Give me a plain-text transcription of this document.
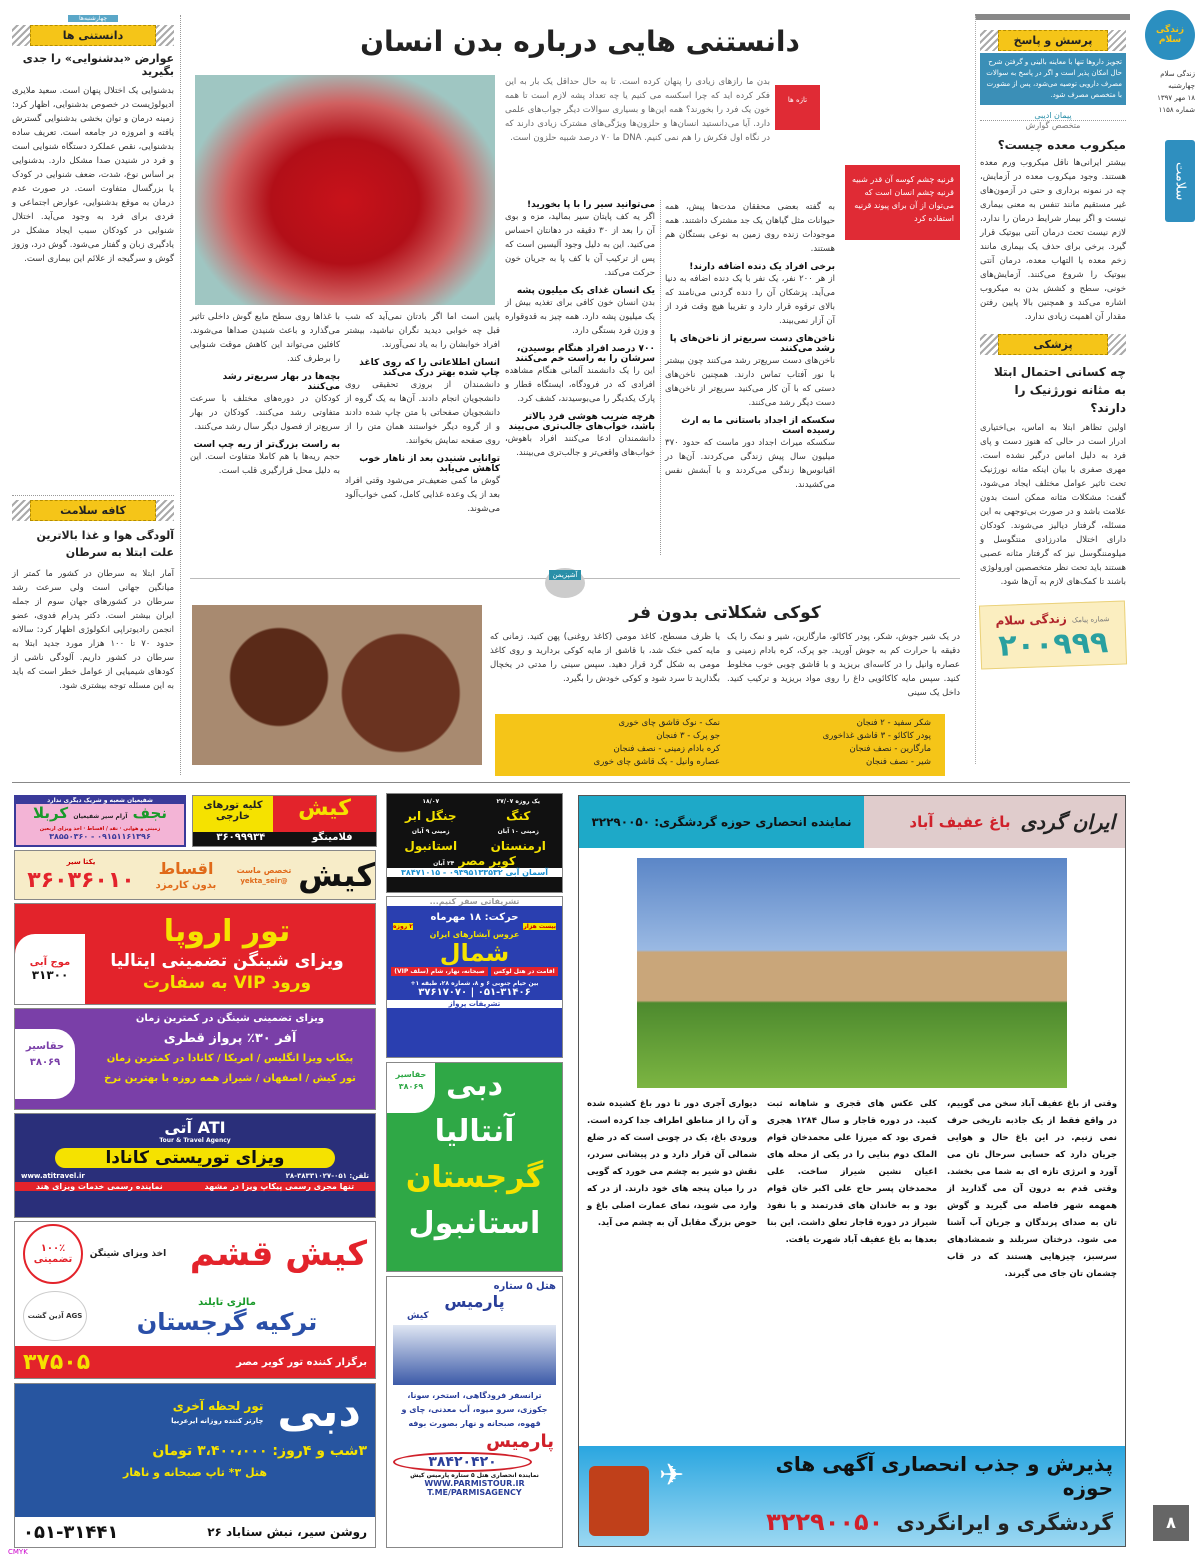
زندگی سلام
زندگی سلام
چهارشنبه
۱۸ مهر ۱۳۹۷
شماره ۱۱۵۸
سلامت
۸
CMYK
پرسش و پاسخ
تجویز داروها تنها با معاینه بالینی و گرفتن شرح حال امکان پذیر است و اگر در پاسخ به سوالات مصرف دارویی توصیه می‌شود، پس از مشورت با متخصص مصرف شود.
پیمان ادیبی
متخصص گوارش
میکروب معده چیست؟
بیشتر ایرانی‌ها ناقل میکروب ورم معده هستند. وجود میکروب معده در آزمایش، چه در نمونه برداری و حتی در آزمون‌های غیر مستقیم مانند تنفس به معنی بیماری نیست و اگر بیمار شرایط درمان را ندارد، لازم نیست تحت درمان آنتی بیوتیک قرار گیرد. برخی برای حذف یک بیماری مانند زخم معده یا التهاب معده، درمان آنتی بیوتیک را شروع می‌کنند. آزمایش‌های خونی، سطح و کشش بدن به میکروب اشاره می‌کند و همچنین بالا پایین رفتن مقدار آن اهمیت زیادی ندارد.
پزشکی
چه کسانی احتمال ابتلا به مثانه نورژنیک را دارند؟
اولین تظاهر ابتلا به اماس، بی‌اختیاری ادرار است در حالی که هنوز دست و پای فرد به دلیل اماس درگیر نشده است. مهری صفری با بیان اینکه مثانه نورژنیک تحت تاثیر عوامل مختلف ایجاد می‌شود، گفت: مشکلات مثانه ممکن است بدون علامت باشد و در صورت بی‌توجهی به این مسئله، گرفتار دیالیز می‌شوند. کودکان دارای اختلال مادرزادی منتگوسل و میلومننگوسل نیز که گرفتار مثانه عصبی هستند باید تحت نظر متخصصین اورولوژی باشند تا کمک‌های لازم به آن‌ها شود.
شماره پیامک زندگی سلام
۲۰۰۹۹۹
دانستنی هایی درباره بدن انسان
تازه ها
بدن ما رازهای زیادی را پنهان کرده است. تا به حال حداقل یک بار به این فکر کرده اید که چرا اسکسه می کنیم یا چه تعداد پشه لازم است تا همه خون یک فرد را بخورند؟ همه این‌ها و بسیاری سوالات دیگر جواب‌های علمی دارد. آیا می‌دانستید انسان‌ها و حلزون‌ها ویژگی‌های مشترک زیادی دارند که در نگاه اول فکرش را هم نمی کنیم. DNA ما ۷۰ درصد شبیه حلزون است.
قرنیه چشم کوسه آن قدر شبیه قرنیه چشم انسان است که می‌توان از آن برای پیوند قرنیه استفاده کرد
به گفته بعضی محققان مدت‌ها پیش، همه حیوانات مثل گیاهان یک جد مشترک داشتند. همه موجودات زنده روی زمین به نوعی بستگان هم هستند.
برخی افراد یک دنده اضافه دارند!
از هر ۲۰۰ نفر، یک نفر با یک دنده اضافه به دنیا می‌آید. پزشکان آن را دنده گردنی می‌نامند که بالای ترقوه قرار دارد و تقریبا هیچ وقت فرد از آن آزار نمی‌بیند.
ناخن‌های دست سریع‌تر از ناخن‌های پا رشد می‌کنند
ناخن‌های دست سریع‌تر رشد می‌کنند چون بیشتر با نور آفتاب تماس دارند. همچنین ناخن‌های دستی که با آن کار می‌کنید سریع‌تر از ناخن‌های دست دیگر رشد می‌کنند.
سکسکه از اجداد باستانی ما به ارث رسیده است
سکسکه میراث اجداد دور ماست که حدود ۳۷۰ میلیون سال پیش زندگی می‌کردند. آن‌ها در اقیانوس‌ها زندگی می‌کردند و با آبشش نفس می‌کشیدند.
می‌توانید سیر را با پا بخورید!
اگر یه کف پایتان سیر بمالید، مزه و بوی آن را بعد از ۳۰ دقیقه در دهانتان احساس می‌کنید. این به دلیل وجود آلیسین است که پس از ترکیب آن با کف پا به جریان خون حرکت می‌کند.
یک انسان غذای یک میلیون پشه
بدن انسان خون کافی برای تغذیه بیش از یک میلیون پشه دارد. همه چیز به قدوقواره و وزن فرد بستگی دارد.
۷۰۰ درصد افراد هنگام بوسیدن، سرشان را به راست خم می‌کنند
این را یک دانشمند آلمانی هنگام مشاهده افرادی که در فرودگاه، ایستگاه قطار و پارک یکدیگر را می‌بوسیدند، کشف کرد.
هرچه ضریب هوشی فرد بالاتر باشد، خواب‌های جالب‌تری می‌بیند
دانشمندان ادعا می‌کنند افراد باهوش، خواب‌های واقعی‌تر و جالب‌تری می‌بینند.
پایین است اما اگر بادتان نمی‌آید که شب قبل چه خوابی دیدید نگران نباشید، بیشتر افراد خوابشان را به یاد نمی‌آورند.
انسان اطلاعاتی را که روی کاغذ چاپ شده بهتر درک می‌کند
دانشمندان از بروزی تحقیقی روی دانشجویان انجام دادند. آن‌ها به یک گروه از دانشجویان صفحاتی با متن چاپ شده دادند و از گروه دیگر خواستند همان متن را از روی صفحه نمایش بخوانند.
توانایی شنیدن بعد از ناهار خوب کاهش می‌یابد
گوش ما کمی ضعیف‌تر می‌شود وقتی افراد بعد از یک وعده غذایی کامل، کمی خواب‌آلود می‌شوند.
با غذاها روی سطح مایع گوش داخلی تاثیر می‌گذارد و باعث شنیدن صداها می‌شوند. کافئین می‌تواند این کاهش موقت شنوایی را برطرف کند.
بچه‌ها در بهار سریع‌تر رشد می‌کنند
کودکان در دوره‌های مختلف با سرعت متفاوتی رشد می‌کنند. کودکان در بهار سریع‌تر از فصول دیگر سال رشد می‌کنند.
به راست بزرگ‌تر از ریه چپ است
حجم ریه‌ها با هم کاملا متفاوت است. این به دلیل محل قرارگیری قلب است.
آشپزیمن
کوکی شکلاتی بدون فر
در یک شیر جوش، شکر، پودر کاکائو، مارگارین، شیر و نمک را یک دقیقه با حرارت کم به جوش آورید. جو پرک، کره بادام زمینی و عصاره وانیل را در کاسه‌ای بریزید و با قاشق چوبی خوب مخلوط کنید. سپس مایه کاکائویی داغ را روی مواد بریزید و ترکیب کنید. داخل یک سینی
یا ظرف مسطح، کاغذ مومی (کاغذ روغنی) پهن کنید. زمانی که مایه کمی خنک شد، با قاشق از مایه کوکی بردارید و روی کاغذ مومی به شکل گرد قرار دهید. سپس سینی را مدتی در یخچال بگذارید تا سرد شود و کوکی خودش را بگیرد.
شکر سفید - ۲ فنجان
پودر کاکائو - ۳ قاشق غذاخوری
مارگارین - نصف فنجان
شیر - نصف فنجان
نمک - نوک قاشق چای خوری
جو پرک - ۳ فنجان
کره بادام زمینی - نصف فنجان
عصاره وانیل - یک قاشق چای خوری
چهارشنبه‌ها
دانستنی ها
عوارض «بدشنوایی» را جدی بگیرید
بدشنوایی یک اختلال پنهان است. سعید ملایری ادیولوژیست در خصوص بدشنوایی، اظهار کرد: زمینه درمان و توان بخشی بدشنوایی گسترش یافته و امروزه در جامعه است. تعریف ساده بدشنوایی، نقص عملکرد دستگاه شنوایی است و فرد در شنیدن صدا مشکل دارد. بدشنوایی بر اساس نوع، شدت، ضعف شنوایی در کودک یا بزرگسال متفاوت است. در صورت عدم درمان به موقع بدشنوایی، عوارض اجتماعی و فردی برای فرد به وجود می‌آید. اختلال شنوایی در کودکان سبب ایجاد مشکل در یادگیری زبان و گفتار می‌شود. گوش درد، وزوز گوش و سرگیجه از علائم این بیماری است.
کافه سلامت
آلودگی هوا و غذا بالاترین علت ابتلا به سرطان
آمار ابتلا به سرطان در کشور ما کمتر از میانگین جهانی است ولی سرعت رشد سرطان در کشورهای جهان سوم از جمله ایران بیشتر است. دکتر پدرام فدوی، عضو انجمن رادیوتراپی انکولوژی اظهار کرد: سالانه حدود ۷۰ تا ۱۰۰ هزار مورد جدید ابتلا به سرطان در کشور داریم. آلودگی ناشی از کودهای شیمیایی از عوامل خطر است که باید به این مسئله توجه بیشتری شود.
ایران گردی
باغ عفیف آباد
نماینده انحصاری حوزه گردشگری: ۳۲۲۹۰۰۵۰
وقتی از باغ عفیف آباد سخن می گوییم، در واقع فقط از یک جاذبه تاریخی حرف نمی زنیم. در این باغ حال و هوایی جریان دارد که حسابی سرحال تان می آورد و انرژی تازه ای به شما می بخشد. وقتی قدم به درون آن می گذارید از همهمه شهر فاصله می گیرید و گوش تان به صدای پرندگان و جریان آب آشنا می شود. درختان سربلند و شمشادهای سرسبز، چیزهایی هستند که در قاب چشمان تان جای می گیرند.
کلی عکس های قجری و شاهانه ثبت کنید. در دوره قاجار و سال ۱۲۸۴ هجری قمری بود که میرزا علی محمدخان قوام الملک دوم بنایی را در یکی از محله های اعیان نشین شیراز ساخت. علی محمدخان پسر حاج علی اکبر خان قوام بود و به خاندان های قدرتمند و با نفوذ شیراز در دوره قاجار تعلق داشت. این بنا بعدها به باغ عفیف آباد شهرت یافت.
دیواری آجری دور تا دور باغ کشیده شده و آن را از مناطق اطراف جدا کرده است. ورودی باغ، یک در چوبی است که در ضلع شمالی آن قرار دارد و در پیشانی سردر، نقش دو شیر به چشم می خورد که گویی در را میان پنجه های خود دارند. از در که وارد می شوید، نمای عمارت اصلی باغ و حوض بزرگ مقابل آن به چشم می آید.
✈	پذیرش و جذب انحصاری آگهی های حوزه
گردشگری و ایرانگردی ۳۲۲۹۰۰۵۰
کیش
کلیه تورهای خارجی
فلامینگو
۳۶۰۹۹۹۳۴
شفیعیان شعبه و شریک دیگری ندارد
نجف آرام سیر شفیعیان کربلا
زمینی و هوایی · نقد / اقساط · اخذ ویزای اربعین
۰۹۱۵۱۱۶۱۳۹۶ - ۳۸۵۵۰۳۶۰
کیش
تخصص ماست
@yekta_seir
اقساط
بدون کارمزد
یکتا سیر
۳۶۰۳۶۰۱۰
تور اروپا
ویزای شینگن تضمینی ایتالیا
ورود VIP به سفارت
موج آبی
۳۱۳۰۰
ویزای تضمینی شینگن در کمترین زمان
آفر ۳۰٪ پرواز قطری
پیکاپ ویزا انگلیس / امریکا / کانادا در کمترین زمان
تور کیش / اصفهان / شیراز همه روزه با بهترین نرخ
حقاسیر
۳۸۰۶۹
ATI آتی
Tour & Travel Agency
ویزای توریستی کانادا
تلفن: ۰۵۱-۳۸۳۳۱۰۲۷-۲۸
www.atitravel.ir
تنها مجری رسمی پیکاپ ویزا در مشهد
نماینده رسمی خدمات ویزای هند
کیش قشم
اخذ ویزای شینگن
۱۰۰٪ تضمینی
مالزی تایلند
ترکیه گرجستان
AGS آذین گشت
برگزار کننده تور کویر مصر
۳۷۵۰۵
دبی
تور لحظه آخری
چارتر کننده روزانه ایرعربیا
۳شب و ۴روز: ۳،۴۰۰،۰۰۰ تومان
هتل ۳* تاپ صبحانه و ناهار
روشن سیر، نبش سناباد ۲۶
۰۵۱-۳۱۴۴۱
یک روزه ۲۷/۰۷
کنگ
۱۸/۰۷
جنگل ابر
زمینی ۱۰ آبان
ارمنستان
زمینی ۹ آبان
استانبول
کویر مصر ۲۴ آبان
آسمان آبی ۰۹۳۹۵۱۳۳۵۳۲ - ۳۸۴۷۱۰۱۵
تشریفاتی سفر کنیم...
حرکت: ۱۸ مهرماه
بیست هزار
۲ روزه
عروس آبشارهای ایران
شمال
اقامت در هتل لوکس
صبحانه، نهار، شام (سلف VIP)
بین خیام جنوبی ۶ و ۸، شماره ۲۸، طبقه ۱+
۰۵۱-۳۱۴۰۶ | ۳۷۶۱۷۰۷۰
تشریفات پرواز
دبی
آنتالیا
گرجستان
استانبول
حقاسیر
۳۸۰۶۹
هتل ۵ ستاره
پارمیس
کیش
ترانسفر فرودگاهی، استخر، سونا، جکوزی، سرو میوه، آب معدنی، چای و قهوه، صبحانه و نهار بصورت بوفه
پارمیس
۳۸۴۲۰۴۲۰
نماینده انحصاری هتل ۵ ستاره پارمیس کیش
WWW.PARMISTOUR.IR
T.ME/PARMISAGENCY
